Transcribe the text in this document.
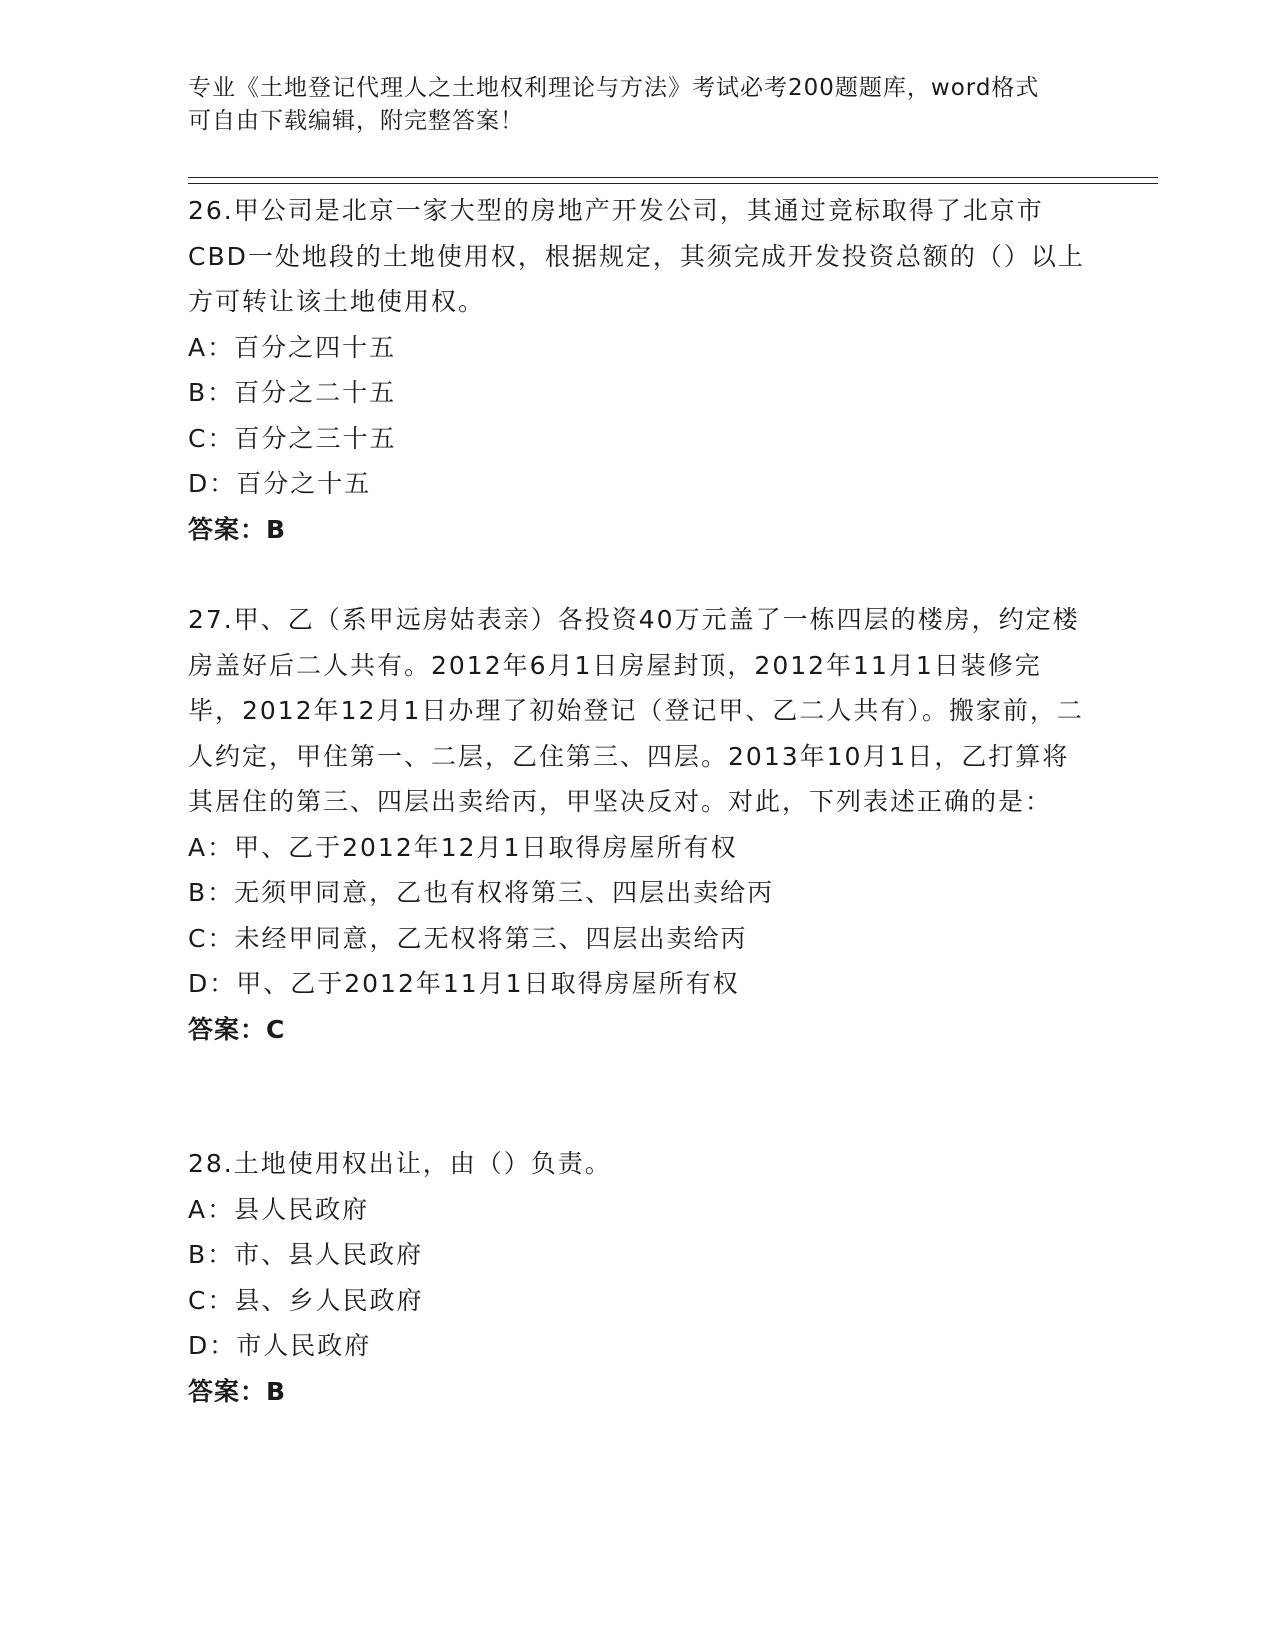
专业《土地登记代理人之土地权利理论与方法》考试必考200题题库，word格式
可自由下载编辑，附完整答案！

26.甲公司是北京一家大型的房地产开发公司，其通过竞标取得了北京市CBD一处地段的土地使用权，根据规定，其须完成开发投资总额的（）以上方可转让该土地使用权。

A：百分之四十五

B：百分之二十五

C：百分之三十五

D：百分之十五

答案：B

27.甲、乙（系甲远房姑表亲）各投资40万元盖了一栋四层的楼房，约定楼房盖好后二人共有。2012年6月1日房屋封顶，2012年11月1日装修完毕，2012年12月1日办理了初始登记（登记甲、乙二人共有）。搬家前，二人约定，甲住第一、二层，乙住第三、四层。2013年10月1日，乙打算将其居住的第三、四层出卖给丙，甲坚决反对。对此，下列表述正确的是：

A：甲、乙于2012年12月1日取得房屋所有权

B：无须甲同意，乙也有权将第三、四层出卖给丙

C：未经甲同意，乙无权将第三、四层出卖给丙

D：甲、乙于2012年11月1日取得房屋所有权

答案：C

28.土地使用权出让，由（）负责。

A：县人民政府

B：市、县人民政府

C：县、乡人民政府

D：市人民政府

答案：B
